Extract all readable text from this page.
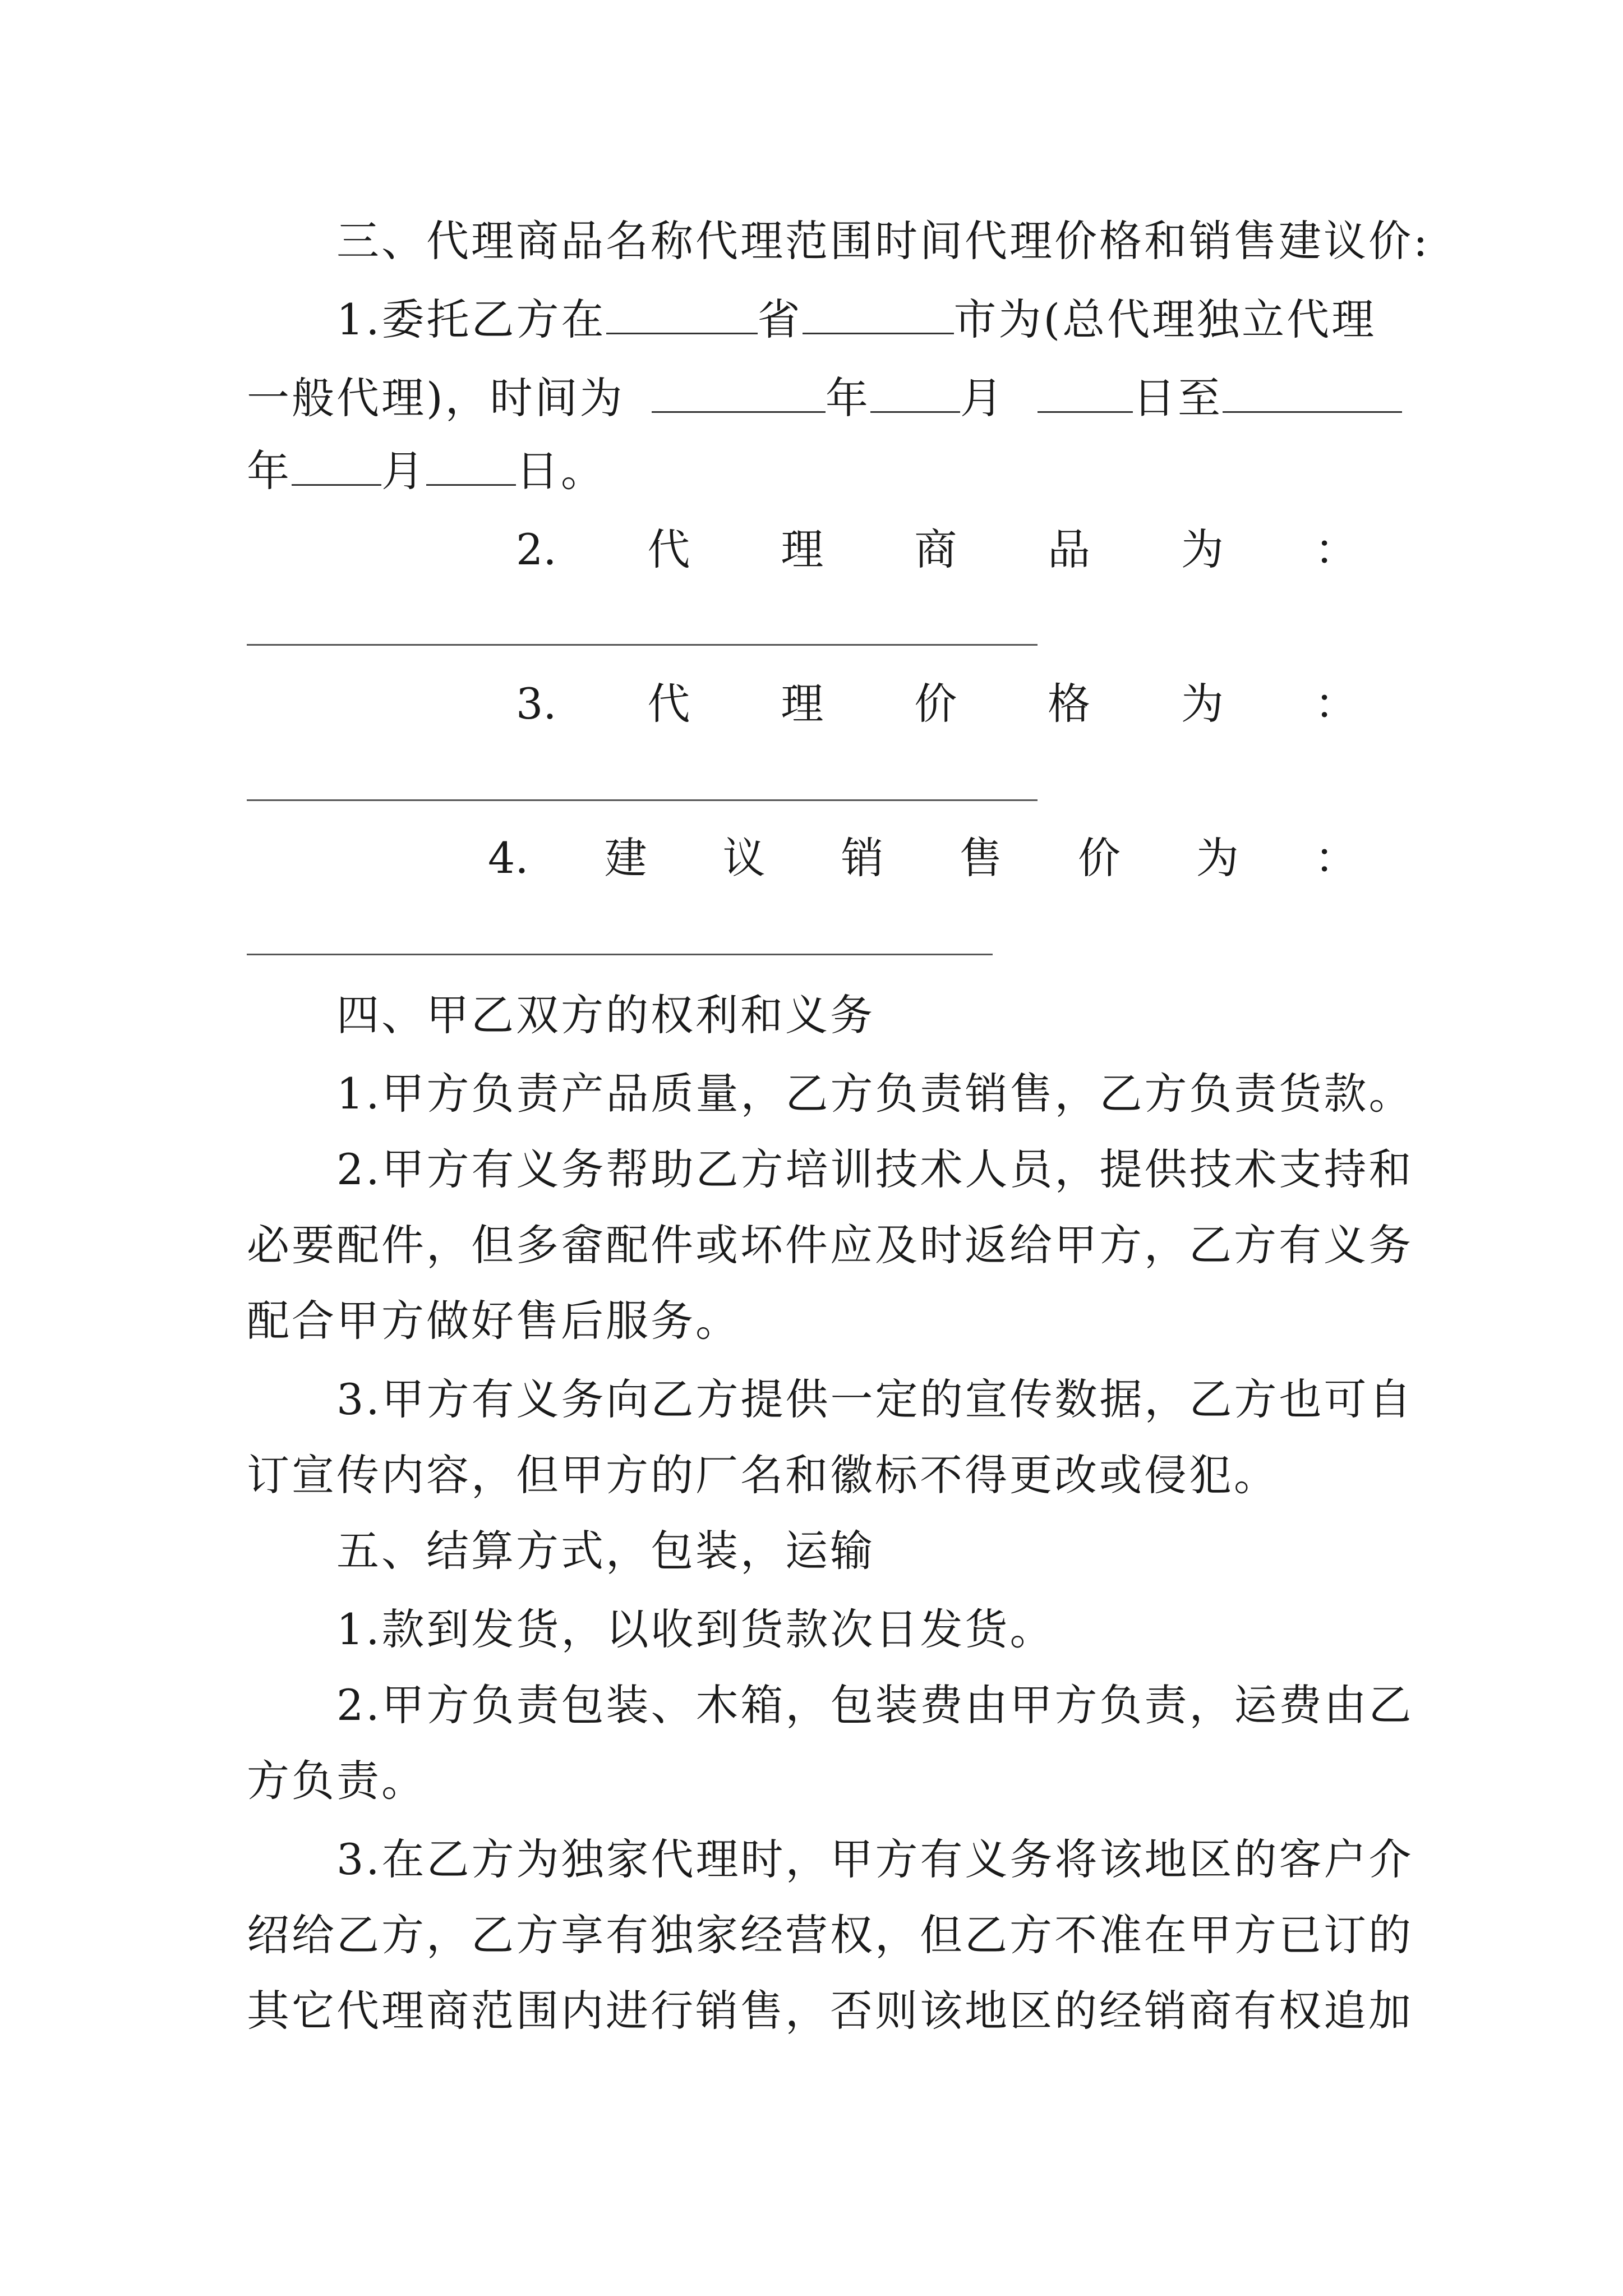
三、代理商品名称代理范围时间代理价格和销售建议价:
1.委托乙方在	省	市为(总代理独立代理
一般代理)，时间为	年 月	日至
年 月 日。
2. 代 理 商 品 为 ：
3. 代 理 价 格 为 ：
4. 建 议 销 售 价 为 ：
四、甲乙双方的权利和义务
1.甲方负责产品质量，乙方负责销售，乙方负责货款。
2.甲方有义务帮助乙方培训技术人员，提供技术支持和
必要配件，但多畲配件或坏件应及时返给甲方，乙方有义务
配合甲方做好售后服务。
3.甲方有义务向乙方提供一定的宣传数据，乙方也可自
订宣传内容，但甲方的厂名和徽标不得更改或侵犯。
五、结算方式，包装，运输
1.款到发货，以收到货款次日发货。
2.甲方负责包装、木箱，包装费由甲方负责，运费由乙
方负责。
3.在乙方为独家代理时，甲方有义务将该地区的客户介
绍给乙方，乙方享有独家经营权，但乙方不准在甲方已订的
其它代理商范围内进行销售，否则该地区的经销商有权追加
